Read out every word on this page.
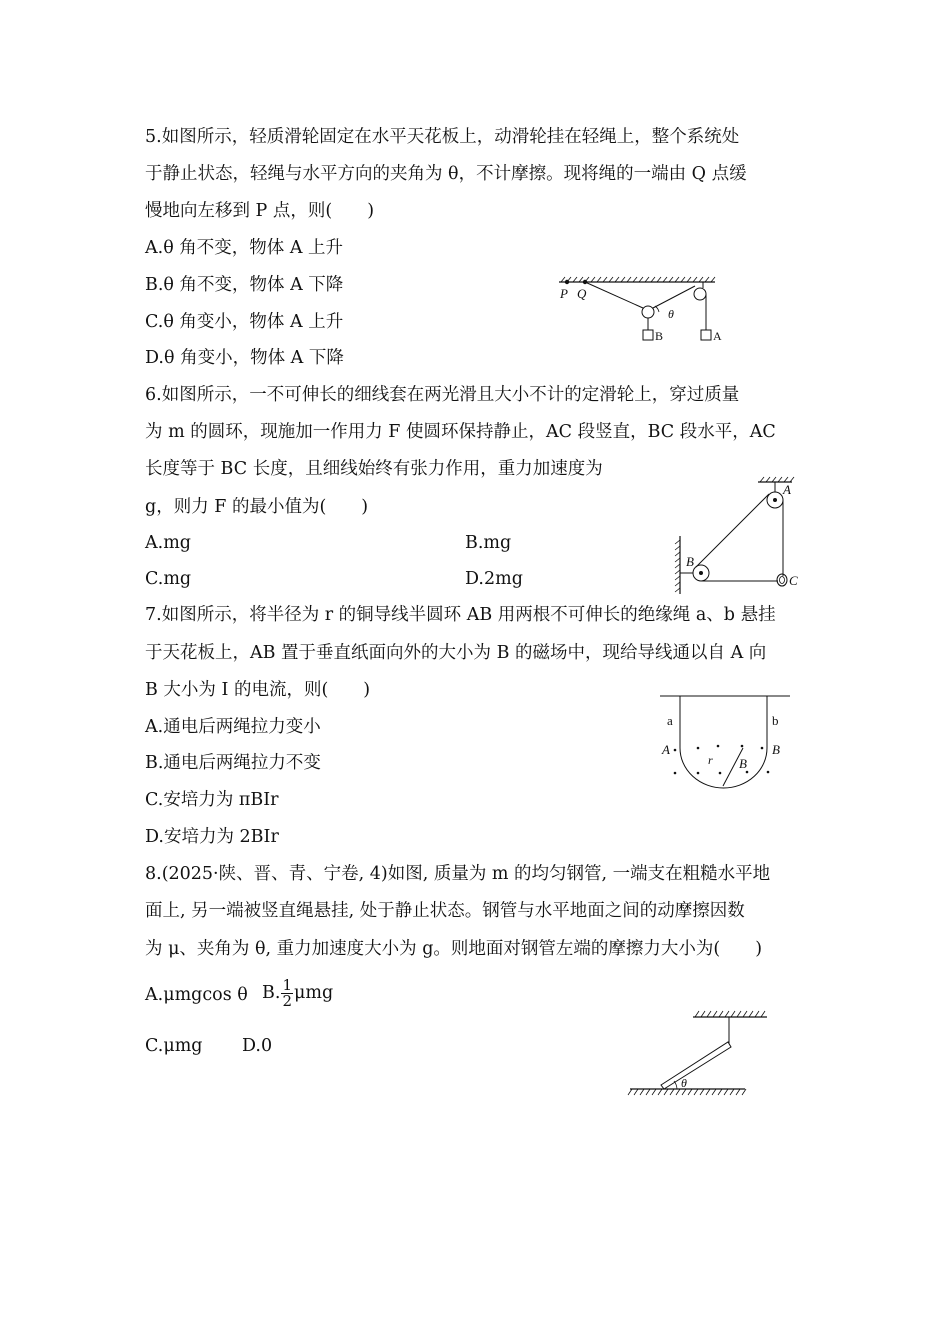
5.如图所示，轻质滑轮固定在水平天花板上，动滑轮挂在轻绳上，整个系统处
于静止状态，轻绳与水平方向的夹角为 θ，不计摩擦。现将绳的一端由 Q 点缓
慢地向左移到 P 点，则(　　)
A.θ 角不变，物体 A 上升
B.θ 角不变，物体 A 下降
C.θ 角变小，物体 A 上升
D.θ 角变小，物体 A 下降
P Q
B	A
θ
6.如图所示，一不可伸长的细线套在两光滑且大小不计的定滑轮上，穿过质量
为 m 的圆环，现施加一作用力 F 使圆环保持静止，AC 段竖直，BC 段水平，AC
长度等于 BC 长度，且细线始终有张力作用，重力加速度为
g，则力 F 的最小值为(　　)
A.mg	B.mg
C.mg	D.2mg
A
B
C
7.如图所示，将半径为 r 的铜导线半圆环 AB 用两根不可伸长的绝缘绳 a、b 悬挂
于天花板上，AB 置于垂直纸面向外的大小为 B 的磁场中，现给导线通以自 A 向
B 大小为 I 的电流，则(　　)
A.通电后两绳拉力变小
B.通电后两绳拉力不变
C.安培力为 πBIr
D.安培力为 2BIr
a	b
A	B
r B
8.(2025·陕、晋、青、宁卷, 4)如图, 质量为 m 的均匀钢管, 一端支在粗糙水平地
面上, 另一端被竖直绳悬挂, 处于静止状态。钢管与水平地面之间的动摩擦因数
为 μ、夹角为 θ, 重力加速度大小为 g。则地面对钢管左端的摩擦力大小为(　　)
A.μmgcos θ B. $\frac{1}{2}$ μmg
C.μmg D.0
θ
